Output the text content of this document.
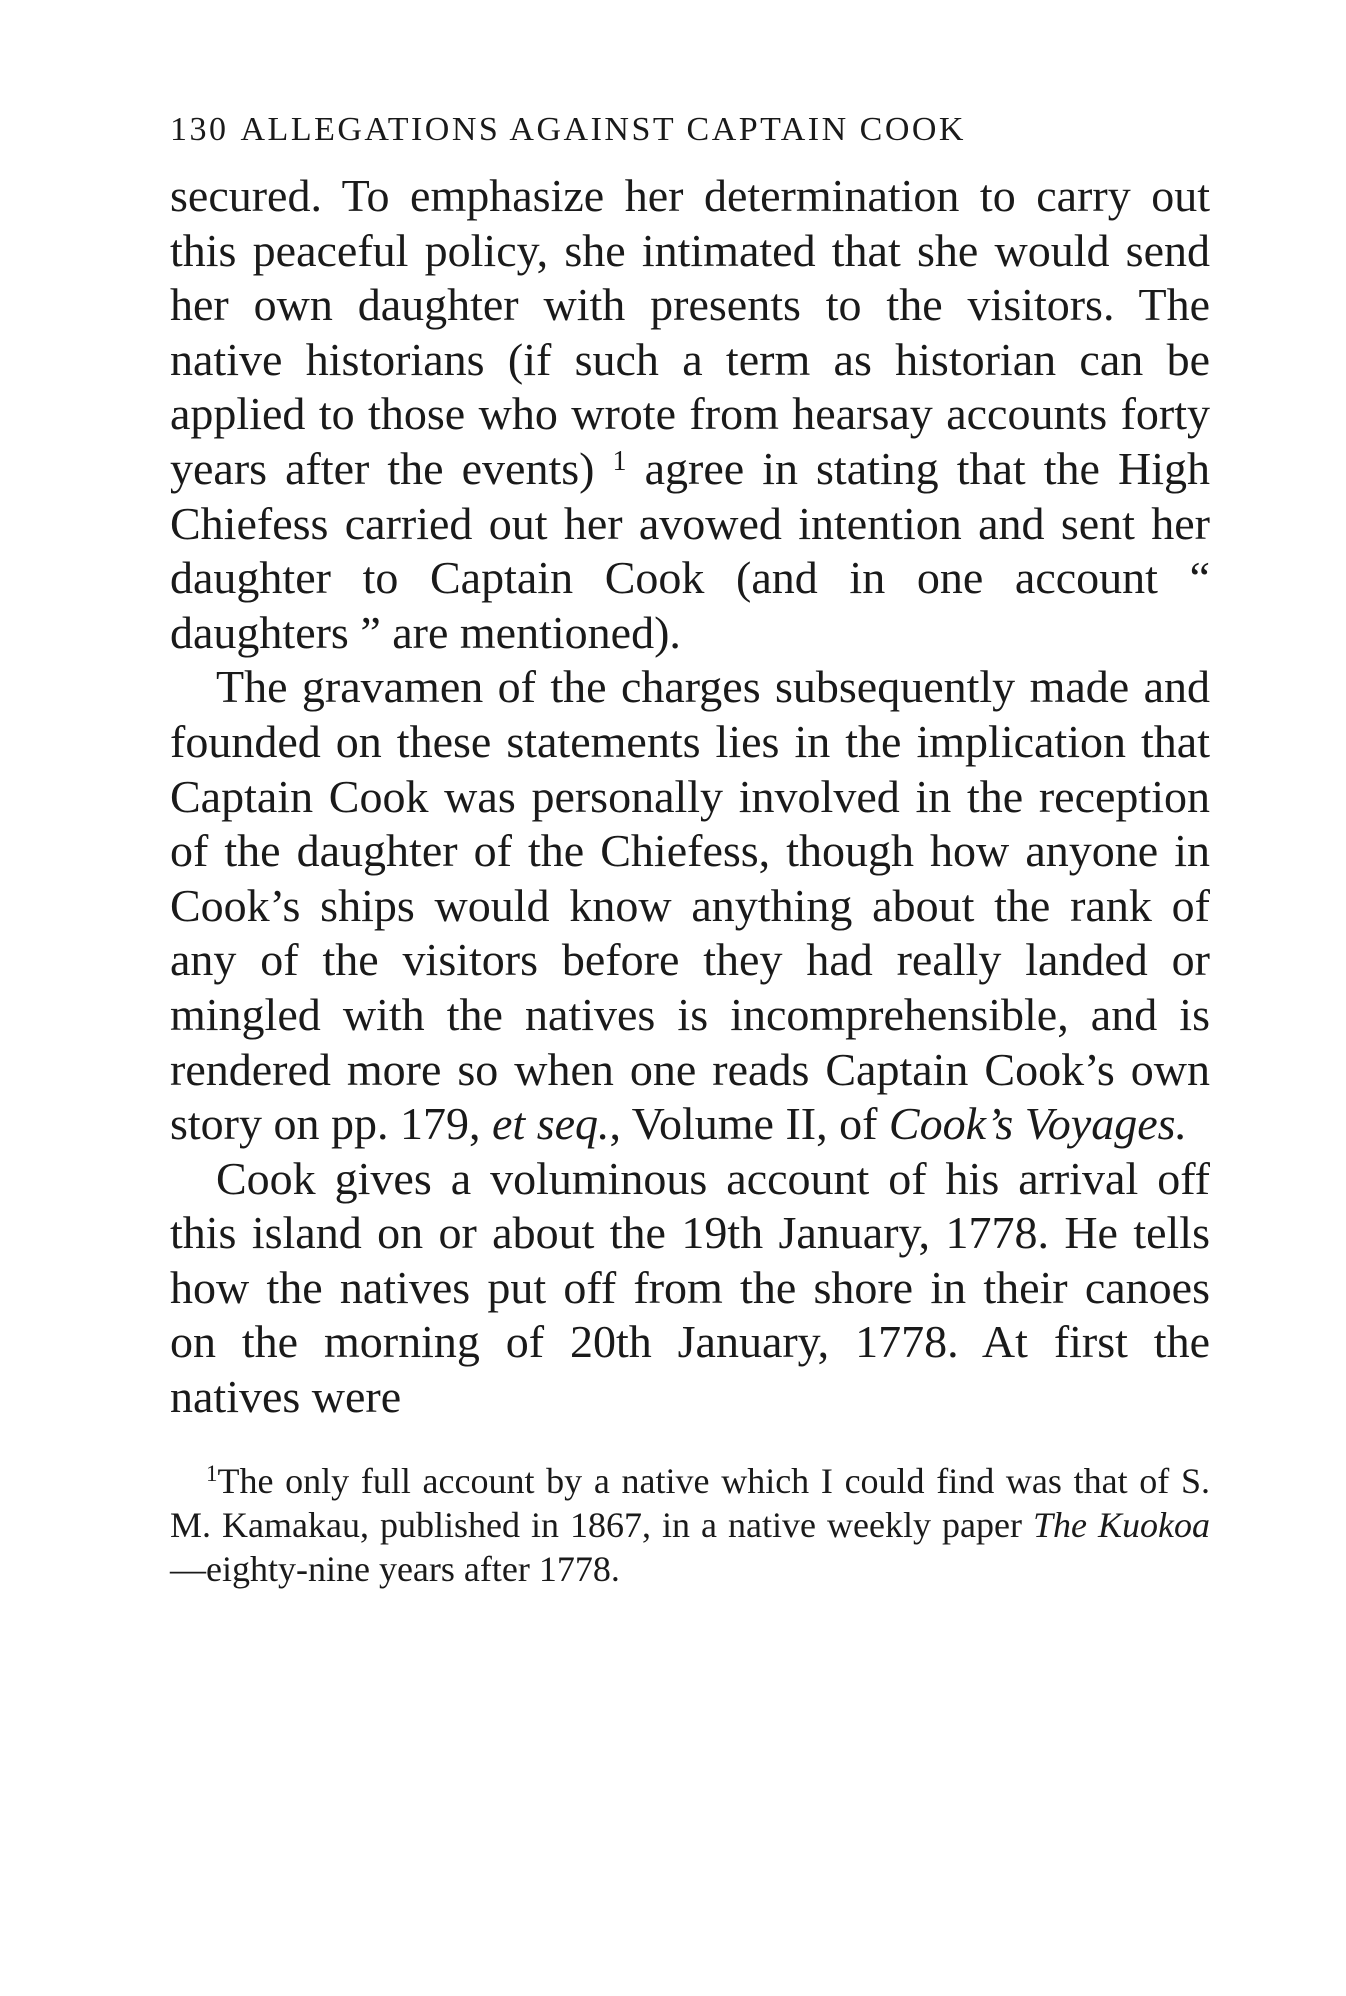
130 ALLEGATIONS AGAINST CAPTAIN COOK

secured. To emphasize her determination to carry out this peaceful policy, she intimated that she would send her own daughter with presents to the visitors. The native historians (if such a term as historian can be applied to those who wrote from hearsay accounts forty years after the events) $^1$ agree in stating that the High Chiefess carried out her avowed intention and sent her daughter to Captain Cook (and in one account “ daughters ” are mentioned).

The gravamen of the charges subsequently made and founded on these statements lies in the implication that Captain Cook was personally involved in the reception of the daughter of the Chiefess, though how anyone in Cook’s ships would know anything about the rank of any of the visitors before they had really landed or mingled with the natives is incomprehensible, and is rendered more so when one reads Captain Cook’s own story on pp. 179, et seq., Volume II, of Cook’s Voyages.

Cook gives a voluminous account of his arrival off this island on or about the 19th January, 1778. He tells how the natives put off from the shore in their canoes on the morning of 20th January, 1778. At first the natives were

$^1$The only full account by a native which I could find was that of S. M. Kamakau, published in 1867, in a native weekly paper The Kuokoa—eighty-nine years after 1778.
